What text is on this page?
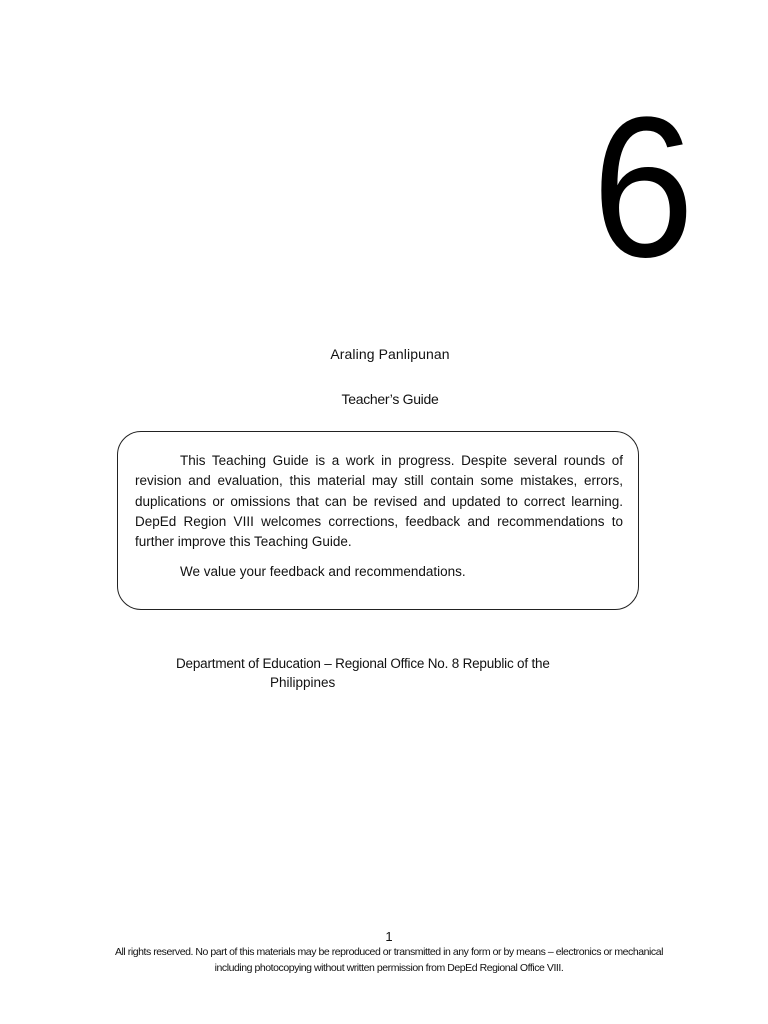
6
Araling Panlipunan
Teacher’s Guide

This Teaching Guide is a work in progress. Despite several rounds of revision and evaluation, this material may still contain some mistakes, errors, duplications or omissions that can be revised and updated to correct learning. DepEd Region VIII welcomes corrections, feedback and recommendations to further improve this Teaching Guide.

We value your feedback and recommendations.

Department of Education – Regional Office No. 8 Republic of the
Philippines
1
All rights reserved. No part of this materials may be reproduced or transmitted in any form or by means – electronics or mechanical
including photocopying without written permission from DepEd Regional Office VIII.
